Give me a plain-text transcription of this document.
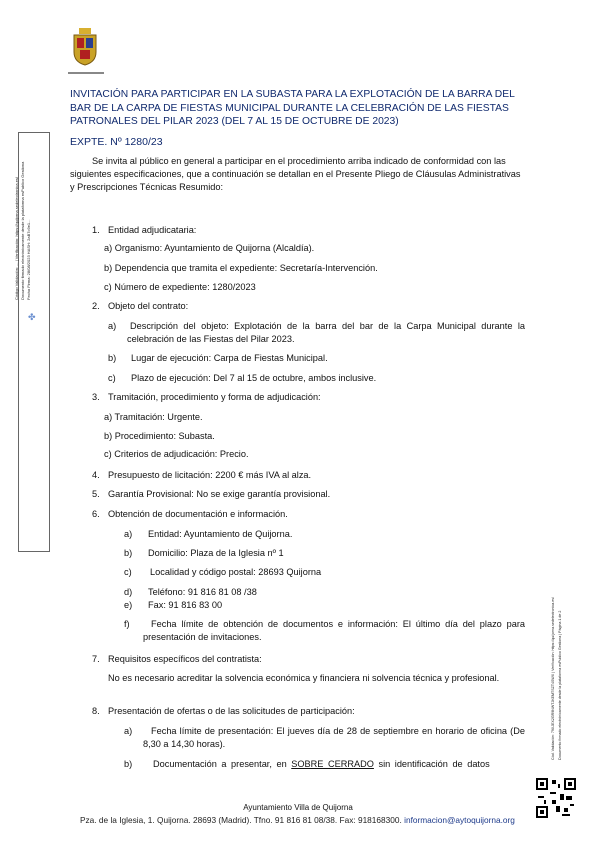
Código Validación: ... | Verificación: https://quijorna.sedelectronica.es/ Documento firmado electrónicamente desde la plataforma esPublico Gestiona Fecha Firma: 28/08/2023 HASH: 2aB7c9e1...
✤
Cód. Validación: 79XJEX2GR9NWTJKEMTSZT4SWX | Verificación: https://quijorna.sedelectronica.es/ Documento firmado electrónicamente desde la plataforma esPublico Gestiona | Página 1 de 2
INVITACIÓN PARA PARTICIPAR EN LA SUBASTA PARA LA EXPLOTACIÓN DE LA BARRA DEL BAR DE LA CARPA DE FIESTAS MUNICIPAL DURANTE LA CELEBRACIÓN DE LAS FIESTAS PATRONALES DEL PILAR 2023 (DEL 7 AL 15 DE OCTUBRE DE 2023)
EXPTE. Nº 1280/23

Se invita al público en general a participar en el procedimiento arriba indicado de conformidad con las siguientes especificaciones, que a continuación se detallan en el Presente Pliego de Cláusulas Administrativas y Prescripciones Técnicas Resumido:

1. Entidad adjudicataria:
a) Organismo: Ayuntamiento de Quijorna (Alcaldía).
b) Dependencia que tramita el expediente: Secretaría-Intervención.
c) Número de expediente: 1280/2023
2. Objeto del contrato:
a)	Descripción del objeto: Explotación de la barra del bar de la Carpa Municipal durante la celebración de las Fiestas del Pilar 2023.
b) Lugar de ejecución: Carpa de Fiestas Municipal.
c) Plazo de ejecución: Del 7 al 15 de octubre, ambos inclusive.
3. Tramitación, procedimiento y forma de adjudicación:
a) Tramitación: Urgente.
b) Procedimiento: Subasta.
c) Criterios de adjudicación: Precio.
4. Presupuesto de licitación: 2200 € más IVA al alza.
5. Garantía Provisional: No se exige garantía provisional.
6. Obtención de documentación e información.
a) Entidad: Ayuntamiento de Quijorna.
b) Domicilio: Plaza de la Iglesia nº 1
c) Localidad y código postal: 28693 Quijorna
d) Teléfono: 91 816 81 08 /38
e) Fax: 91 816 83 00
f)	Fecha límite de obtención de documentos e información: El último día del plazo para presentación de invitaciones.
7. Requisitos específicos del contratista:
No es necesario acreditar la solvencia económica y financiera ni solvencia técnica y profesional.
8. Presentación de ofertas o de las solicitudes de participación:
a)	Fecha límite de presentación: El jueves día de 28 de septiembre en horario de oficina (De 8,30 a 14,30 horas).
b) Documentación a presentar, en SOBRE CERRADO sin identificación de datos
Ayuntamiento Villa de Quijorna
Pza. de la Iglesia, 1. Quijorna. 28693 (Madrid). Tfno. 91 816 81 08/38. Fax: 918168300. informacion@aytoquijorna.org
